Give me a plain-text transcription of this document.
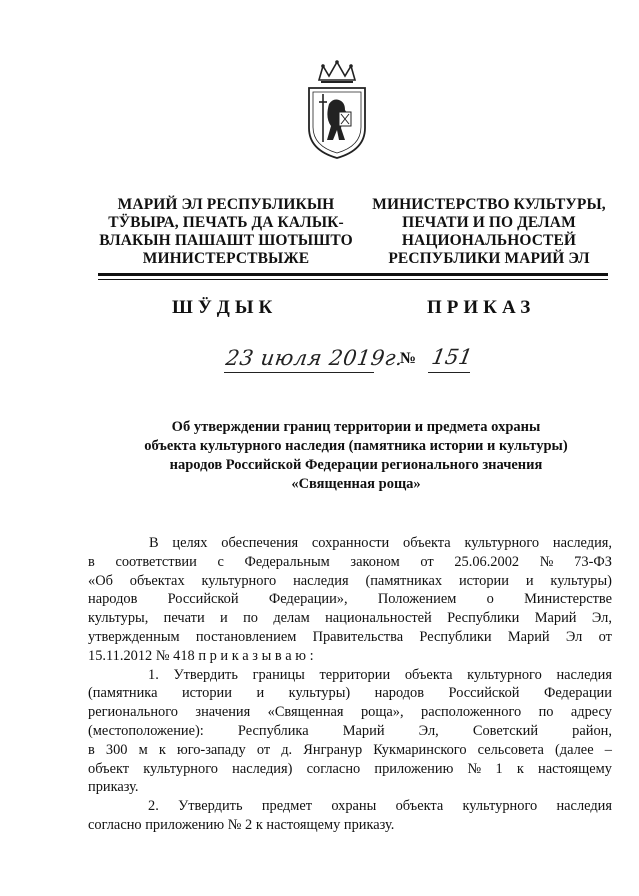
МАРИЙ ЭЛ РЕСПУБЛИКЫН
ТӰВЫРА, ПЕЧАТЬ ДА КАЛЫК-
ВЛАКЫН ПАШАШТ ШОТЫШТО
МИНИСТЕРСТВЫЖЕ
МИНИСТЕРСТВО КУЛЬТУРЫ,
ПЕЧАТИ И ПО ДЕЛАМ
НАЦИОНАЛЬНОСТЕЙ
РЕСПУБЛИКИ МАРИЙ ЭЛ
ШӰДЫК	ПРИКАЗ
23 июля 2019г.
№ 151
Об утверждении границ территории и предмета охраны
объекта культурного наследия (памятника истории и культуры)
народов Российской Федерации регионального значения
«Священная роща»
В целях обеспечения сохранности объекта культурного наследия,
в соответствии с Федеральным законом от 25.06.2002 № 73-ФЗ
«Об объектах культурного наследия (памятниках истории и культуры)
народов Российской Федерации», Положением о Министерстве
культуры, печати и по делам национальностей Республики Марий Эл,
утвержденным постановлением Правительства Республики Марий Эл от
15.11.2012 № 418 п р и к а з ы в а ю :
1. Утвердить границы территории объекта культурного наследия
(памятника истории и культуры) народов Российской Федерации
регионального значения «Священная роща», расположенного по адресу
(местоположение): Республика Марий Эл, Советский район,
в 300 м к юго-западу от д. Янгранур Кукмаринского сельсовета (далее –
объект культурного наследия) согласно приложению № 1 к настоящему
приказу.
2. Утвердить предмет охраны объекта культурного наследия
согласно приложению № 2 к настоящему приказу.
